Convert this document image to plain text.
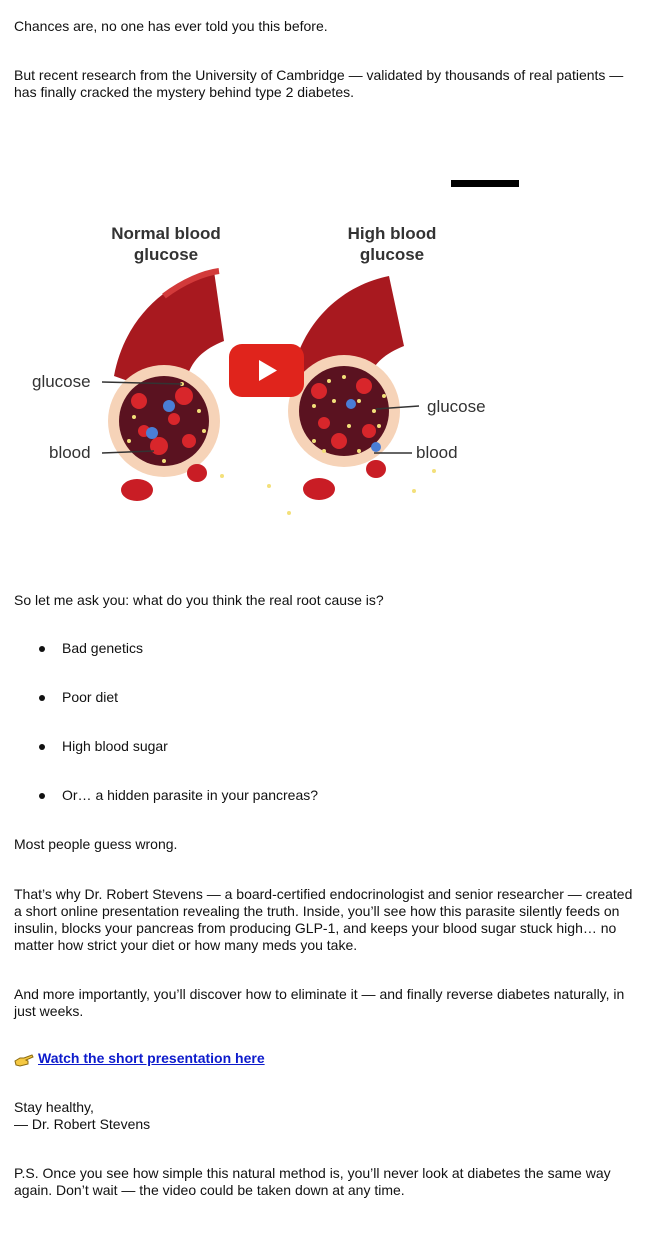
Chances are, no one has ever told you this before.

But recent research from the University of Cambridge — validated by thousands of real patients — has finally cracked the mystery behind type 2 diabetes.

Normal blood
glucose
High blood
glucose
glucose
blood
glucose
blood

So let me ask you: what do you think the real root cause is?

Bad genetics
Poor diet
High blood sugar
Or… a hidden parasite in your pancreas?

Most people guess wrong.

That’s why Dr. Robert Stevens — a board-certified endocrinologist and senior researcher — created a short online presentation revealing the truth. Inside, you’ll see how this parasite silently feeds on insulin, blocks your pancreas from producing GLP-1, and keeps your blood sugar stuck high… no matter how strict your diet or how many meds you take.

And more importantly, you’ll discover how to eliminate it — and finally reverse diabetes naturally, in just weeks.

Watch the short presentation here

Stay healthy,

— Dr. Robert Stevens

P.S. Once you see how simple this natural method is, you’ll never look at diabetes the same way again. Don’t wait — the video could be taken down at any time.
